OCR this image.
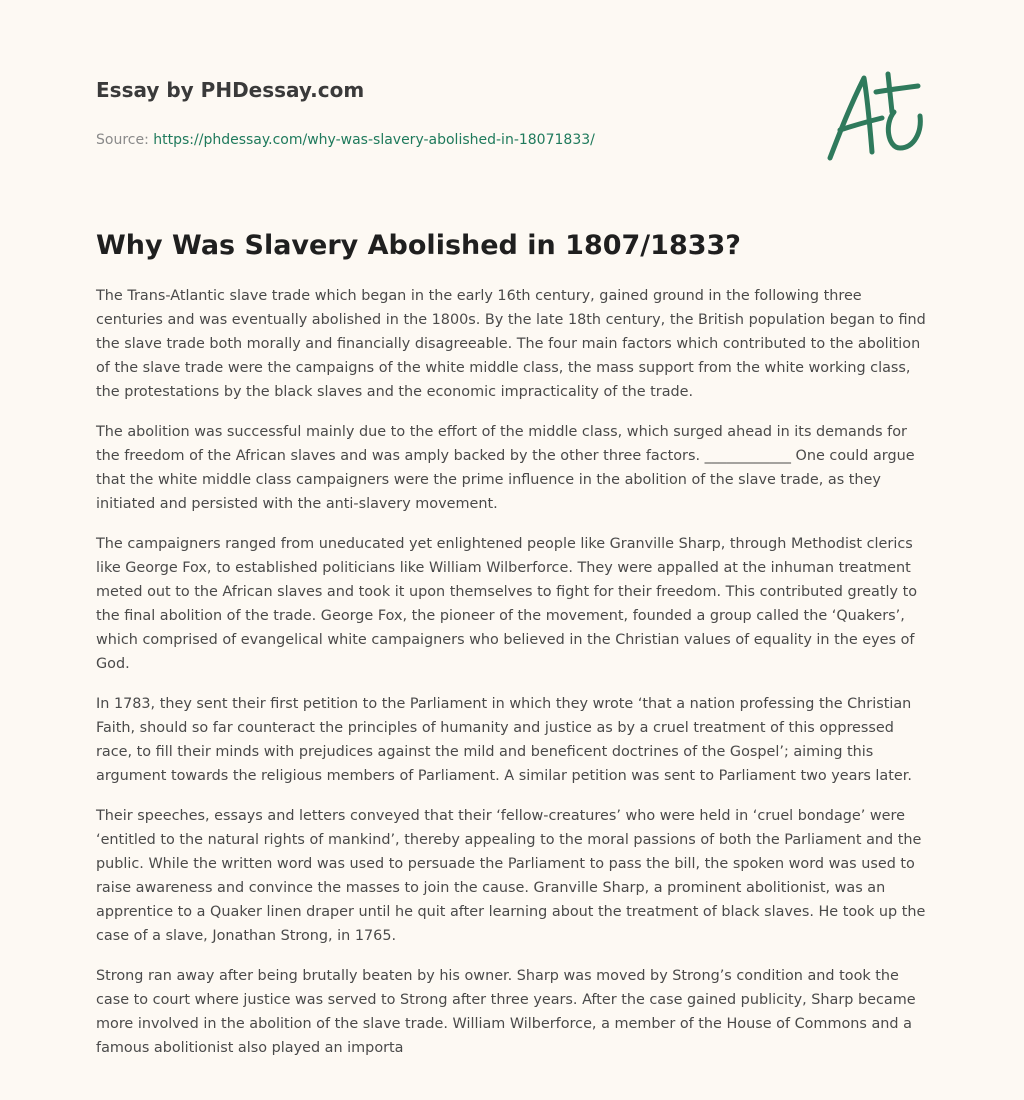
Essay by PHDessay.com
Source: https://phdessay.com/why-was-slavery-abolished-in-18071833/
Why Was Slavery Abolished in 1807/1833?

The Trans-Atlantic slave trade which began in the early 16th century, gained ground in the following three centuries and was eventually abolished in the 1800s. By the late 18th century, the British population began to find the slave trade both morally and financially disagreeable. The four main factors which contributed to the abolition of the slave trade were the campaigns of the white middle class, the mass support from the white working class, the protestations by the black slaves and the economic impracticality of the trade.

The abolition was successful mainly due to the effort of the middle class, which surged ahead in its demands for the freedom of the African slaves and was amply backed by the other three factors. ____________ One could argue that the white middle class campaigners were the prime influence in the abolition of the slave trade, as they initiated and persisted with the anti-slavery movement.

The campaigners ranged from uneducated yet enlightened people like Granville Sharp, through Methodist clerics like George Fox, to established politicians like William Wilberforce. They were appalled at the inhuman treatment meted out to the African slaves and took it upon themselves to fight for their freedom. This contributed greatly to the final abolition of the trade. George Fox, the pioneer of the movement, founded a group called the ‘Quakers’, which comprised of evangelical white campaigners who believed in the Christian values of equality in the eyes of God.

In 1783, they sent their first petition to the Parliament in which they wrote ‘that a nation professing the Christian Faith, should so far counteract the principles of humanity and justice as by a cruel treatment of this oppressed race, to fill their minds with prejudices against the mild and beneficent doctrines of the Gospel’; aiming this argument towards the religious members of Parliament. A similar petition was sent to Parliament two years later.

Their speeches, essays and letters conveyed that their ‘fellow-creatures’ who were held in ‘cruel bondage’ were ‘entitled to the natural rights of mankind’, thereby appealing to the moral passions of both the Parliament and the public. While the written word was used to persuade the Parliament to pass the bill, the spoken word was used to raise awareness and convince the masses to join the cause. Granville Sharp, a prominent abolitionist, was an apprentice to a Quaker linen draper until he quit after learning about the treatment of black slaves. He took up the case of a slave, Jonathan Strong, in 1765.

Strong ran away after being brutally beaten by his owner. Sharp was moved by Strong’s condition and took the case to court where justice was served to Strong after three years. After the case gained publicity, Sharp became more involved in the abolition of the slave trade. William Wilberforce, a member of the House of Commons and a famous abolitionist also played an importa
